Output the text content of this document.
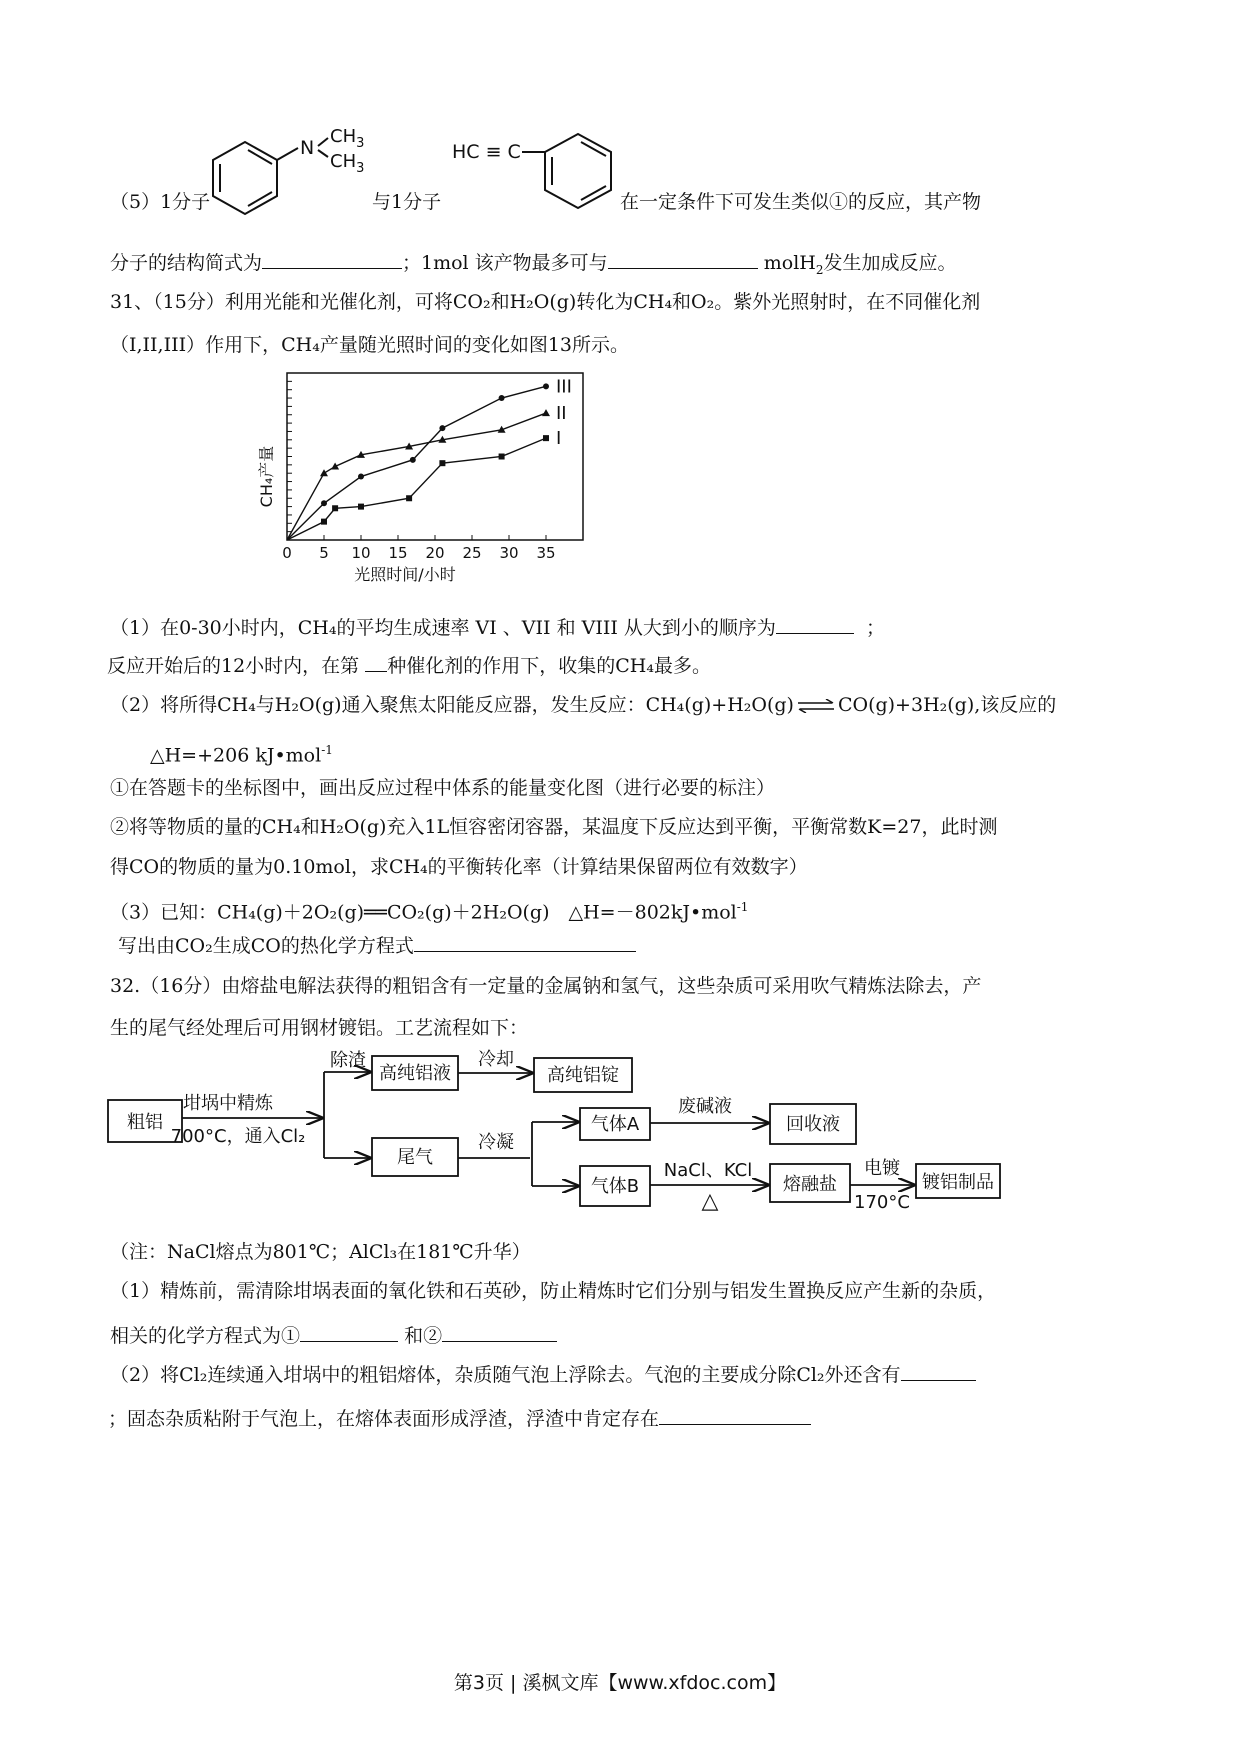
N
$CH_3$
$CH_3$
HC ≡ C
（5）1分子	与1分子	在一定条件下可发生类似①的反应，其产物
分子的结构简式为	；1mol 该产物最多可与	molH$_2$发生加成反应。
31、（15分）利用光能和光催化剂，可将CO₂和H₂O(g)转化为CH₄和O₂。紫外光照射时，在不同催化剂
（I,II,III）作用下，CH₄产量随光照时间的变化如图13所示。
0 5 10 15 20 25 30 35
光照时间/小时
CH₄产量
III
II
I
（1）在0-30小时内，CH₄的平均生成速率 VI 、VII 和 VIII 从大到小的顺序为	；
反应开始后的12小时内，在第 种催化剂的作用下，收集的CH₄最多。
（2）将所得CH₄与H₂O(g)通入聚焦太阳能反应器，发生反应：CH₄(g)+H₂O(g) ⇌ CO(g)+3H₂(g),该反应的
△H=+206 kJ•mol$^{-1}$
①在答题卡的坐标图中，画出反应过程中体系的能量变化图（进行必要的标注）
②将等物质的量的CH₄和H₂O(g)充入1L恒容密闭容器，某温度下反应达到平衡，平衡常数K=27，此时测
得CO的物质的量为0.10mol，求CH₄的平衡转化率（计算结果保留两位有效数字）
（3）已知：CH₄(g)＋2O₂(g)══CO₂(g)＋2H₂O(g)　△H=－802kJ•mol$^{-1}$
写出由CO₂生成CO的热化学方程式
32.（16分）由熔盐电解法获得的粗铝含有一定量的金属钠和氢气，这些杂质可采用吹气精炼法除去，产
生的尾气经处理后可用钢材镀铝。工艺流程如下：
粗铝
坩埚中精炼
700°C，通入Cl₂
除渣
高纯铝液
冷却
高纯铝锭
尾气
冷凝
气体A
废碱液
回收液
气体B
NaCl、KCl
△
熔融盐
电镀
170°C
镀铝制品
（注：NaCl熔点为801℃；AlCl₃在181℃升华）
（1）精炼前，需清除坩埚表面的氧化铁和石英砂，防止精炼时它们分别与铝发生置换反应产生新的杂质，
相关的化学方程式为①	和②
（2）将Cl₂连续通入坩埚中的粗铝熔体，杂质随气泡上浮除去。气泡的主要成分除Cl₂外还含有
；固态杂质粘附于气泡上，在熔体表面形成浮渣，浮渣中肯定存在
第3页 | 溪枫文库【www.xfdoc.com】
